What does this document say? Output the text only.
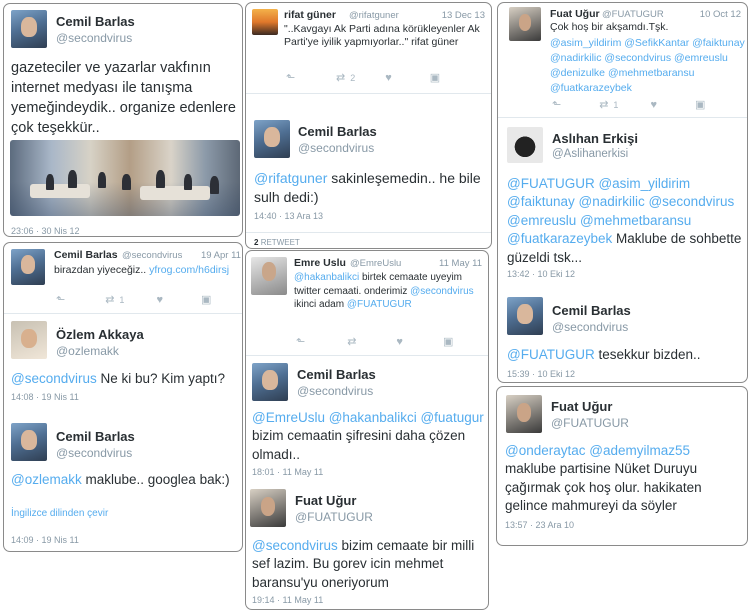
Cemil Barlas
@secondvirus
gazeteciler ve yazarlar vakfının internet medyası ile tanışma yemeğindeydik.. organize edenlere çok teşekkür..
23:06 · 30 Nis 12
rifat güner @rifatguner	13 Dec 13
"..Kavgayı Ak Parti adına körükleyenler Ak Parti'ye iyilik yapmıyorlar.." rifat güner
⬑	⇄ 2	♥	▣
Cemil Barlas
@secondvirus
@rifatguner sakinleşemedin.. he bile sulh dedi:)
14:40 · 13 Ara 13
2 RETWEET
Fuat Uğur @FUATUGUR	10 Oct 12
Çok hoş bir akşamdı.Tşk.
@asim_yildirim @SefikKantar @faiktunay @nadirkilic @secondvirus @emreuslu @denizulke @mehmetbaransu @fuatkarazeybek
⬑	⇄ 1	♥	▣
Aslıhan Erkişi
@Aslihanerkisi
@FUATUGUR @asim_yildirim @faiktunay @nadirkilic @secondvirus @emreuslu @mehmetbaransu @fuatkarazeybek Maklube de sohbette güzeldi tsk...
13:42 · 10 Eki 12
Cemil Barlas
@secondvirus
@FUATUGUR tesekkur bizden..
15:39 · 10 Eki 12
Cemil Barlas @secondvirus 19 Apr 11
birazdan yiyeceğiz.. yfrog.com/h6dirsj
⬑	⇄ 1	♥	▣
Özlem Akkaya
@ozlemakk
@secondvirus Ne ki bu? Kim yaptı?
14:08 · 19 Nis 11
Cemil Barlas
@secondvirus
@ozlemakk maklube.. googlea bak:)
İngilizce dilinden çevir
14:09 · 19 Nis 11
Emre Uslu @EmreUslu	11 May 11
@hakanbalikci birtek cemaate uyeyim twitter cemaati. onderimiz @secondvirus ikinci adam @FUATUGUR
⬑	⇄	♥	▣
Cemil Barlas
@secondvirus
@EmreUslu @hakanbalikci @fuatugur bizim cemaatin şifresini daha çözen olmadı..
18:01 · 11 May 11
Fuat Uğur
@FUATUGUR
@secondvirus bizim cemaate bir milli sef lazim. Bu gorev icin mehmet baransu'yu oneriyorum
19:14 · 11 May 11
Fuat Uğur
@FUATUGUR
@onderaytac @ademyilmaz55 maklube partisine Nüket Duruyu çağırmak çok hoş olur. hakikaten gelince mahmureyi da söyler
13:57 · 23 Ara 10
